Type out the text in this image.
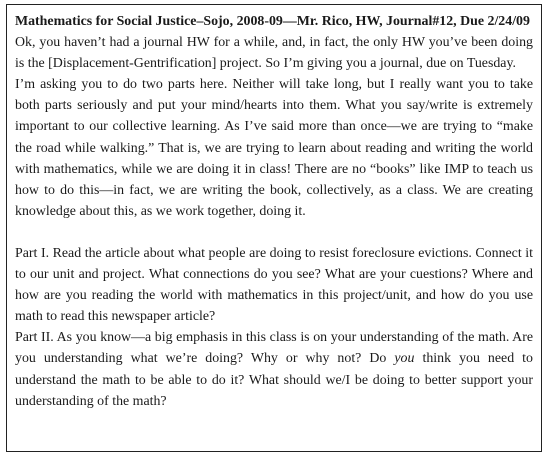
Mathematics for Social Justice–Sojo, 2008-09—Mr. Rico, HW, Journal#12, Due 2/24/09

Ok, you haven’t had a journal HW for a while, and, in fact, the only HW you’ve been doing is the [Displacement-Gentrification] project. So I’m giving you a journal, due on Tuesday.

I’m asking you to do two parts here. Neither will take long, but I really want you to take both parts seriously and put your mind/hearts into them. What you say/write is extremely important to our collective learning. As I’ve said more than once—we are trying to “make the road while walking.” That is, we are trying to learn about reading and writing the world with mathematics, while we are doing it in class! There are no “books” like IMP to teach us how to do this—in fact, we are writing the book, collectively, as a class. We are creating knowledge about this, as we work together, doing it.

Part I. Read the article about what people are doing to resist foreclosure evictions. Connect it to our unit and project. What connections do you see? What are your cuestions? Where and how are you reading the world with mathematics in this project/unit, and how do you use math to read this newspaper article?

Part II. As you know—a big emphasis in this class is on your understanding of the math. Are you understanding what we’re doing? Why or why not? Do you think you need to understand the math to be able to do it? What should we/I be doing to better support your understanding of the math?
